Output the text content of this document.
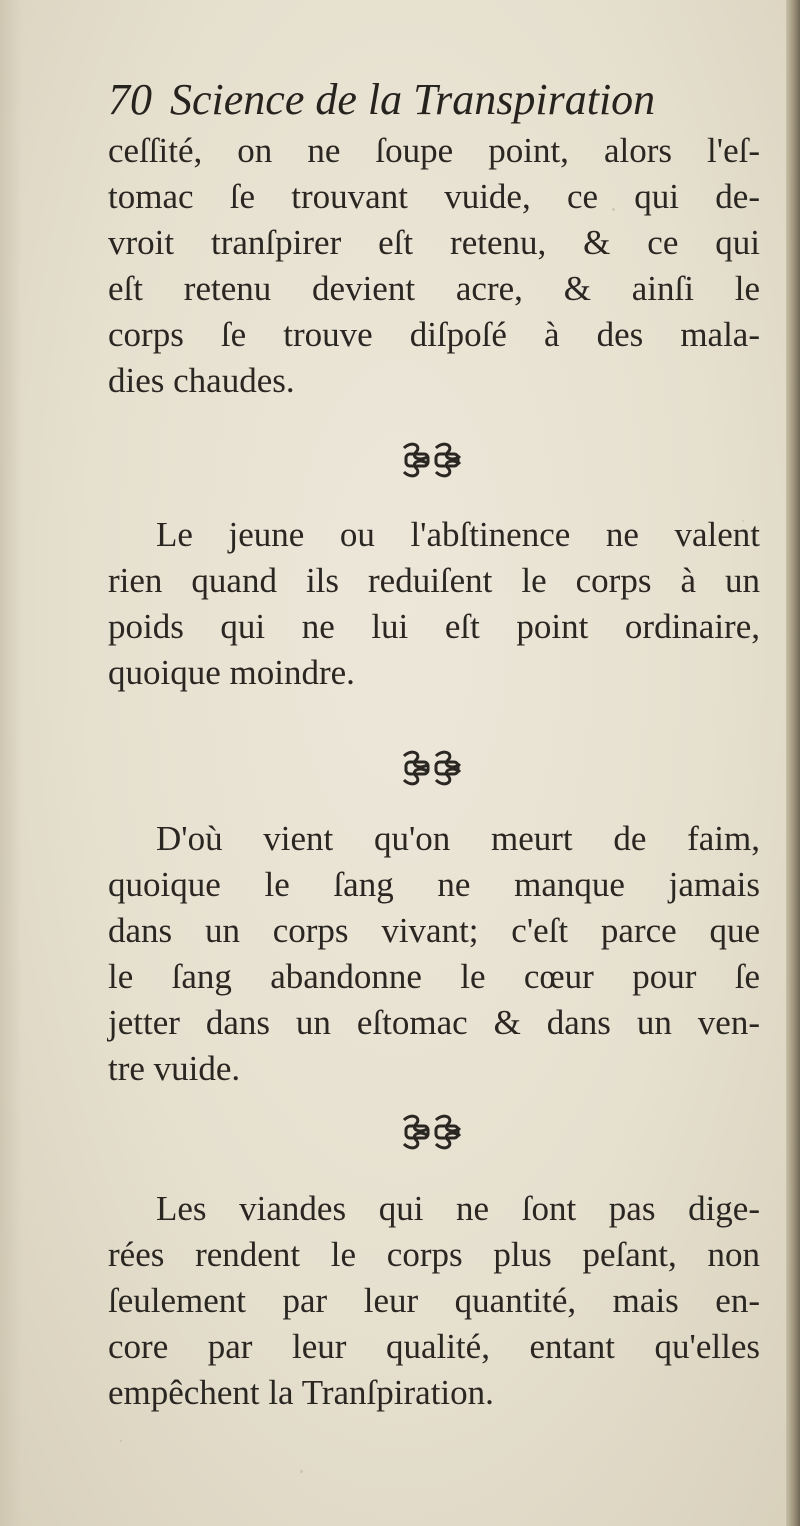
70 Science de la Transpiration
ceſſité, on ne ſoupe point, alors l'eſ-
tomac ſe trouvant vuide, ce qui de-
vroit tranſpirer eſt retenu, & ce qui
eſt retenu devient acre, & ainſi le
corps ſe trouve diſpoſé à des mala-
dies chaudes.
Le jeune ou l'abſtinence ne valent
rien quand ils reduiſent le corps à un
poids qui ne lui eſt point ordinaire,
quoique moindre.
D'où vient qu'on meurt de faim,
quoique le ſang ne manque jamais
dans un corps vivant; c'eſt parce que
le ſang abandonne le cœur pour ſe
jetter dans un eſtomac & dans un ven-
tre vuide.
Les viandes qui ne ſont pas dige-
rées rendent le corps plus peſant, non
ſeulement par leur quantité, mais en-
core par leur qualité, entant qu'elles
empêchent la Tranſpiration.
